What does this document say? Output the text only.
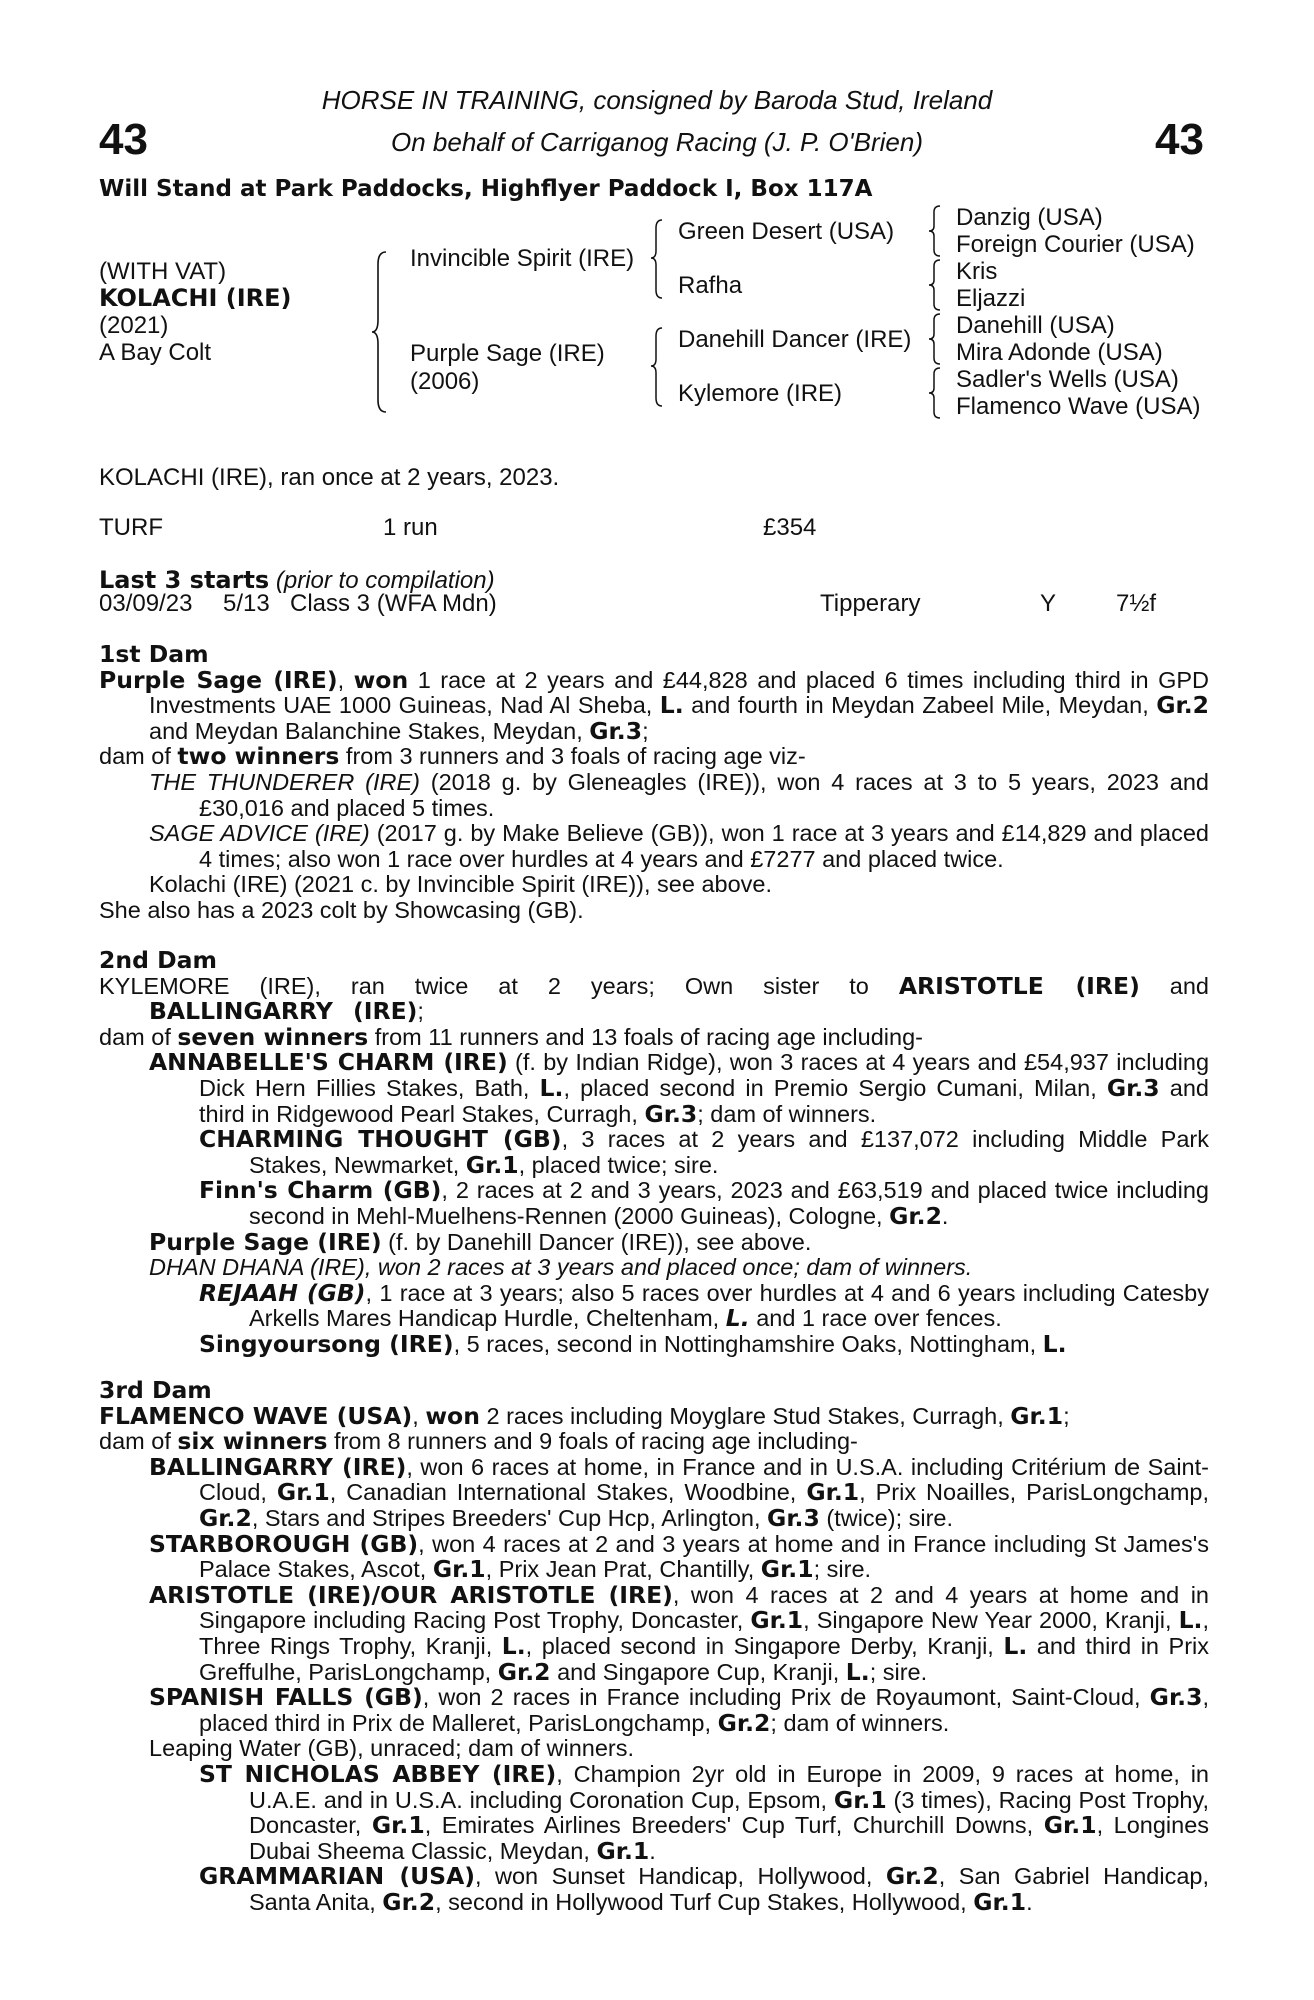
43	43
HORSE IN TRAINING, consigned by Baroda Stud, Ireland
On behalf of Carriganog Racing (J. P. O'Brien)
Will Stand at Park Paddocks, Highflyer Paddock I, Box 117A
(WITH VAT)
KOLACHI (IRE)
(2021)
A Bay Colt
Invincible Spirit (IRE)
Purple Sage (IRE)
(2006)
Green Desert (USA)
Rafha
Danehill Dancer (IRE)
Kylemore (IRE)
Danzig (USA)
Foreign Courier (USA)
Kris
Eljazzi
Danehill (USA)
Mira Adonde (USA)
Sadler's Wells (USA)
Flamenco Wave (USA)
KOLACHI (IRE), ran once at 2 years, 2023.
TURF	1 run	£354
Last 3 starts (prior to compilation)
03/09/23 5/13 Class 3 (WFA Mdn)	Tipperary	Y 7½f

1st Dam

Purple Sage (IRE), won 1 race at 2 years and £44,828 and placed 6 times including third in GPD Investments UAE 1000 Guineas, Nad Al Sheba, L. and fourth in Meydan Zabeel Mile, Meydan, Gr.2 and Meydan Balanchine Stakes, Meydan, Gr.3;

dam of two winners from 3 runners and 3 foals of racing age viz-

THE THUNDERER (IRE) (2018 g. by Gleneagles (IRE)), won 4 races at 3 to 5 years, 2023 and £30,016 and placed 5 times.

SAGE ADVICE (IRE) (2017 g. by Make Believe (GB)), won 1 race at 3 years and £14,829 and placed 4 times; also won 1 race over hurdles at 4 years and £7277 and placed twice.

Kolachi (IRE) (2021 c. by Invincible Spirit (IRE)), see above.

She also has a 2023 colt by Showcasing (GB).

2nd Dam

KYLEMORE (IRE), ran twice at 2 years; Own sister to ARISTOTLE (IRE) and BALLINGARRY (IRE);

dam of seven winners from 11 runners and 13 foals of racing age including-

ANNABELLE'S CHARM (IRE) (f. by Indian Ridge), won 3 races at 4 years and £54,937 including Dick Hern Fillies Stakes, Bath, L., placed second in Premio Sergio Cumani, Milan, Gr.3 and third in Ridgewood Pearl Stakes, Curragh, Gr.3; dam of winners.

CHARMING THOUGHT (GB), 3 races at 2 years and £137,072 including Middle Park Stakes, Newmarket, Gr.1, placed twice; sire.

Finn's Charm (GB), 2 races at 2 and 3 years, 2023 and £63,519 and placed twice including second in Mehl-Muelhens-Rennen (2000 Guineas), Cologne, Gr.2.

Purple Sage (IRE) (f. by Danehill Dancer (IRE)), see above.

DHAN DHANA (IRE), won 2 races at 3 years and placed once; dam of winners.

REJAAH (GB), 1 race at 3 years; also 5 races over hurdles at 4 and 6 years including Catesby Arkells Mares Handicap Hurdle, Cheltenham, L. and 1 race over fences.

Singyoursong (IRE), 5 races, second in Nottinghamshire Oaks, Nottingham, L.

3rd Dam

FLAMENCO WAVE (USA), won 2 races including Moyglare Stud Stakes, Curragh, Gr.1;

dam of six winners from 8 runners and 9 foals of racing age including-

BALLINGARRY (IRE), won 6 races at home, in France and in U.S.A. including Critérium de Saint-Cloud, Gr.1, Canadian International Stakes, Woodbine, Gr.1, Prix Noailles, ParisLongchamp, Gr.2, Stars and Stripes Breeders' Cup Hcp, Arlington, Gr.3 (twice); sire.

STARBOROUGH (GB), won 4 races at 2 and 3 years at home and in France including St James's Palace Stakes, Ascot, Gr.1, Prix Jean Prat, Chantilly, Gr.1; sire.

ARISTOTLE (IRE)/OUR ARISTOTLE (IRE), won 4 races at 2 and 4 years at home and in Singapore including Racing Post Trophy, Doncaster, Gr.1, Singapore New Year 2000, Kranji, L., Three Rings Trophy, Kranji, L., placed second in Singapore Derby, Kranji, L. and third in Prix Greffulhe, ParisLongchamp, Gr.2 and Singapore Cup, Kranji, L.; sire.

SPANISH FALLS (GB), won 2 races in France including Prix de Royaumont, Saint-Cloud, Gr.3, placed third in Prix de Malleret, ParisLongchamp, Gr.2; dam of winners.

Leaping Water (GB), unraced; dam of winners.

ST NICHOLAS ABBEY (IRE), Champion 2yr old in Europe in 2009, 9 races at home, in U.A.E. and in U.S.A. including Coronation Cup, Epsom, Gr.1 (3 times), Racing Post Trophy, Doncaster, Gr.1, Emirates Airlines Breeders' Cup Turf, Churchill Downs, Gr.1, Longines Dubai Sheema Classic, Meydan, Gr.1.

GRAMMARIAN (USA), won Sunset Handicap, Hollywood, Gr.2, San Gabriel Handicap, Santa Anita, Gr.2, second in Hollywood Turf Cup Stakes, Hollywood, Gr.1.
